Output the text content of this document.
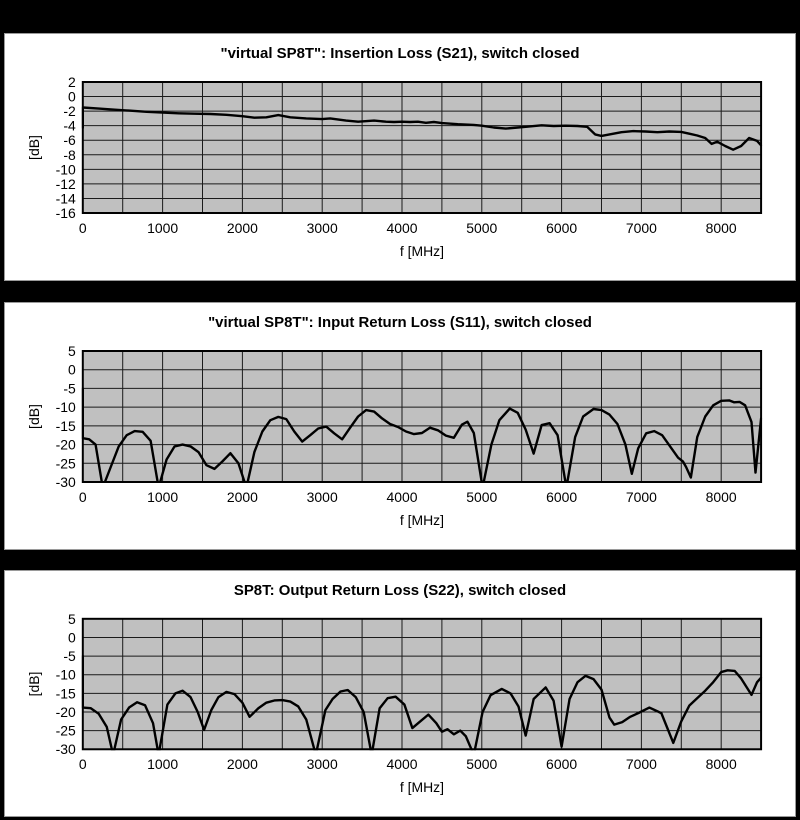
"virtual SP8T": Insertion Loss (S21), switch closed
2
0
-2
-4
-6
-8
-10
-12
-14
-16
0	1000	2000	3000	4000	5000	6000	7000	8000
f [MHz]
[dB]
"virtual SP8T": Input Return Loss (S11), switch closed
5
0
-5
-10
-15
-20
-25
-30
0	1000	2000	3000	4000	5000	6000	7000	8000
f [MHz]
[dB]
SP8T: Output Return Loss (S22), switch closed
5
0
-5
-10
-15
-20
-25
-30
0	1000	2000	3000	4000	5000	6000	7000	8000
f [MHz]
[dB]
